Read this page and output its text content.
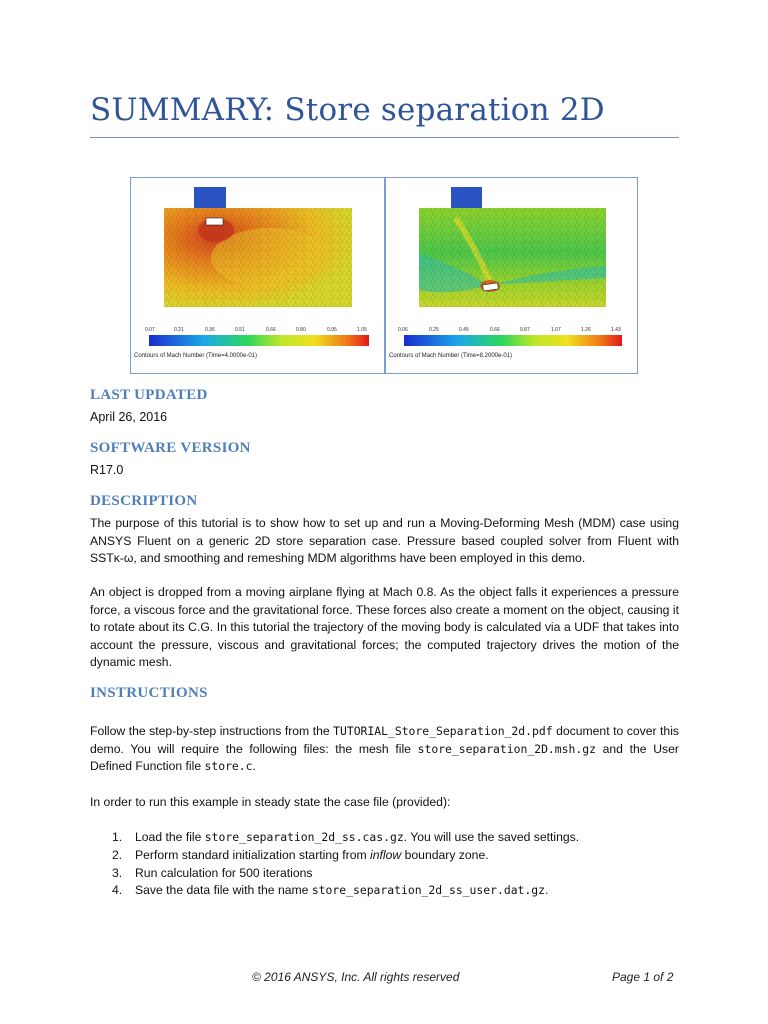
SUMMARY: Store separation 2D
0.07	0.21	0.36	0.51	0.66	0.80	0.95	1.05
Contours of Mach Number (Time=4.0000e-01)
0.06	0.25	0.45	0.66	0.87	1.07	1.26	1.43
Contours of Mach Number (Time=8.2000e-01)
LAST UPDATED

April 26, 2016

SOFTWARE VERSION

R17.0

DESCRIPTION

The purpose of this tutorial is to show how to set up and run a Moving-Deforming Mesh (MDM) case using ANSYS Fluent on a generic 2D store separation case. Pressure based coupled solver from Fluent with SSTκ-ω, and smoothing and remeshing MDM algorithms have been employed in this demo.

An object is dropped from a moving airplane flying at Mach 0.8. As the object falls it experiences a pressure force, a viscous force and the gravitational force. These forces also create a moment on the object, causing it to rotate about its C.G. In this tutorial the trajectory of the moving body is calculated via a UDF that takes into account the pressure, viscous and gravitational forces; the computed trajectory drives the motion of the dynamic mesh.

INSTRUCTIONS

Follow the step-by-step instructions from the TUTORIAL_Store_Separation_2d.pdf document to cover this demo. You will require the following files: the mesh file store_separation_2D.msh.gz and the User Defined Function file store.c.

In order to run this example in steady state the case file (provided):

1. Load the file store_separation_2d_ss.cas.gz. You will use the saved settings.
2. Perform standard initialization starting from inflow boundary zone.
3. Run calculation for 500 iterations
4. Save the data file with the name store_separation_2d_ss_user.dat.gz.
© 2016 ANSYS, Inc. All rights reserved	Page 1 of 2
